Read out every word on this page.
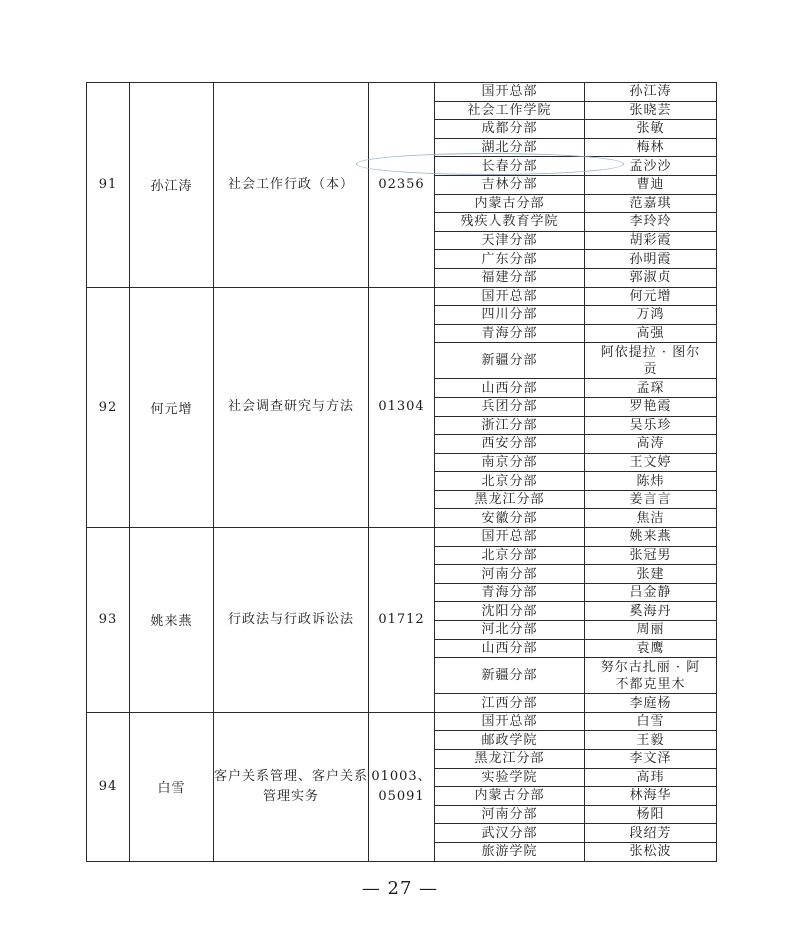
91	孙江涛	社会工作行政（本）	02356	
国开总部	孙江涛
社会工作学院	张晓芸
成都分部	张敏
湖北分部	梅林
长春分部	孟沙沙
吉林分部	曹迪
内蒙古分部	范嘉琪
残疾人教育学院	李玲玲
天津分部	胡彩霞
广东分部	孙明霞
福建分部	郭淑贞

92	何元增	社会调查研究与方法	01304	
国开总部	何元增
四川分部	万鸿
青海分部	高强
新疆分部	阿依提拉 · 图尔贡
山西分部	孟琛
兵团分部	罗艳霞
浙江分部	吴乐珍
西安分部	高涛
南京分部	王文婷
北京分部	陈炜
黑龙江分部	姜言言
安徽分部	焦洁

93	姚来燕	行政法与行政诉讼法	01712	
国开总部	姚来燕
北京分部	张冠男
河南分部	张建
青海分部	吕金静
沈阳分部	奚海丹
河北分部	周丽
山西分部	袁鹰
新疆分部	努尔古扎丽 · 阿不都克里木
江西分部	李庭杨

94	白雪	客户关系管理、客户关系管理实务	01003、05091	
国开总部	白雪
邮政学院	王毅
黑龙江分部	李文泽
实验学院	高玮
内蒙古分部	林海华
河南分部	杨阳
武汉分部	段绍芳
旅游学院	张松波
— 27 —
